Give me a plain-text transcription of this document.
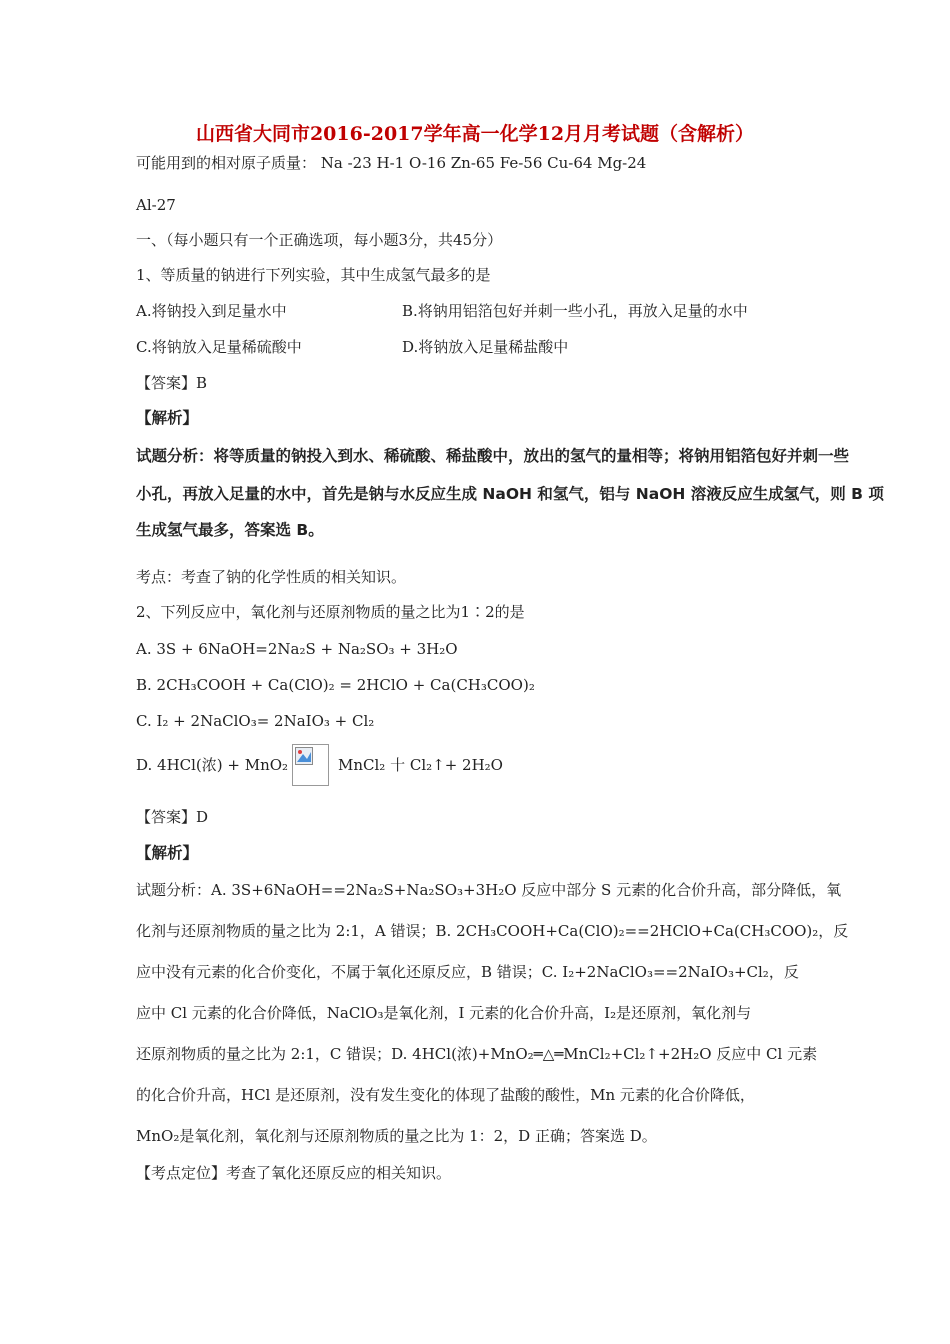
山西省大同市2016-2017学年高一化学12月月考试题（含解析）
可能用到的相对原子质量： Na -23 H-1 O-16 Zn-65 Fe-56 Cu-64 Mg-24
Al-27
一、（每小题只有一个正确选项，每小题3分，共45分）
1、等质量的钠进行下列实验，其中生成氢气最多的是
A.将钠投入到足量水中	B.将钠用铝箔包好并刺一些小孔，再放入足量的水中
C.将钠放入足量稀硫酸中	D.将钠放入足量稀盐酸中
【答案】B
【解析】
试题分析：将等质量的钠投入到水、稀硫酸、稀盐酸中，放出的氢气的量相等；将钠用铝箔包好并刺一些
小孔，再放入足量的水中，首先是钠与水反应生成 NaOH 和氢气，铝与 NaOH 溶液反应生成氢气，则 B 项
生成氢气最多，答案选 B。
考点：考查了钠的化学性质的相关知识。
2、下列反应中，氧化剂与还原剂物质的量之比为1∶2的是
A. 3S + 6NaOH=2Na₂S + Na₂SO₃ + 3H₂O
B. 2CH₃COOH + Ca(ClO)₂ = 2HClO + Ca(CH₃COO)₂
C. I₂ + 2NaClO₃= 2NaIO₃ + Cl₂
D. 4HCl(浓) + MnO₂	MnCl₂ 十 Cl₂↑+ 2H₂O
【答案】D
【解析】
试题分析：A. 3S+6NaOH==2Na₂S+Na₂SO₃+3H₂O 反应中部分 S 元素的化合价升高，部分降低，氧
化剂与还原剂物质的量之比为 2:1，A 错误；B. 2CH₃COOH+Ca(ClO)₂==2HClO+Ca(CH₃COO)₂，反
应中没有元素的化合价变化，不属于氧化还原反应，B 错误；C. I₂+2NaClO₃==2NaIO₃+Cl₂，反
应中 Cl 元素的化合价降低，NaClO₃是氧化剂，I 元素的化合价升高，I₂是还原剂，氧化剂与
还原剂物质的量之比为 2:1，C 错误；D. 4HCl(浓)+MnO₂═△═MnCl₂+Cl₂↑+2H₂O 反应中 Cl 元素
的化合价升高，HCl 是还原剂，没有发生变化的体现了盐酸的酸性，Mn 元素的化合价降低，
MnO₂是氧化剂，氧化剂与还原剂物质的量之比为 1：2，D 正确；答案选 D。
【考点定位】考查了氧化还原反应的相关知识。
